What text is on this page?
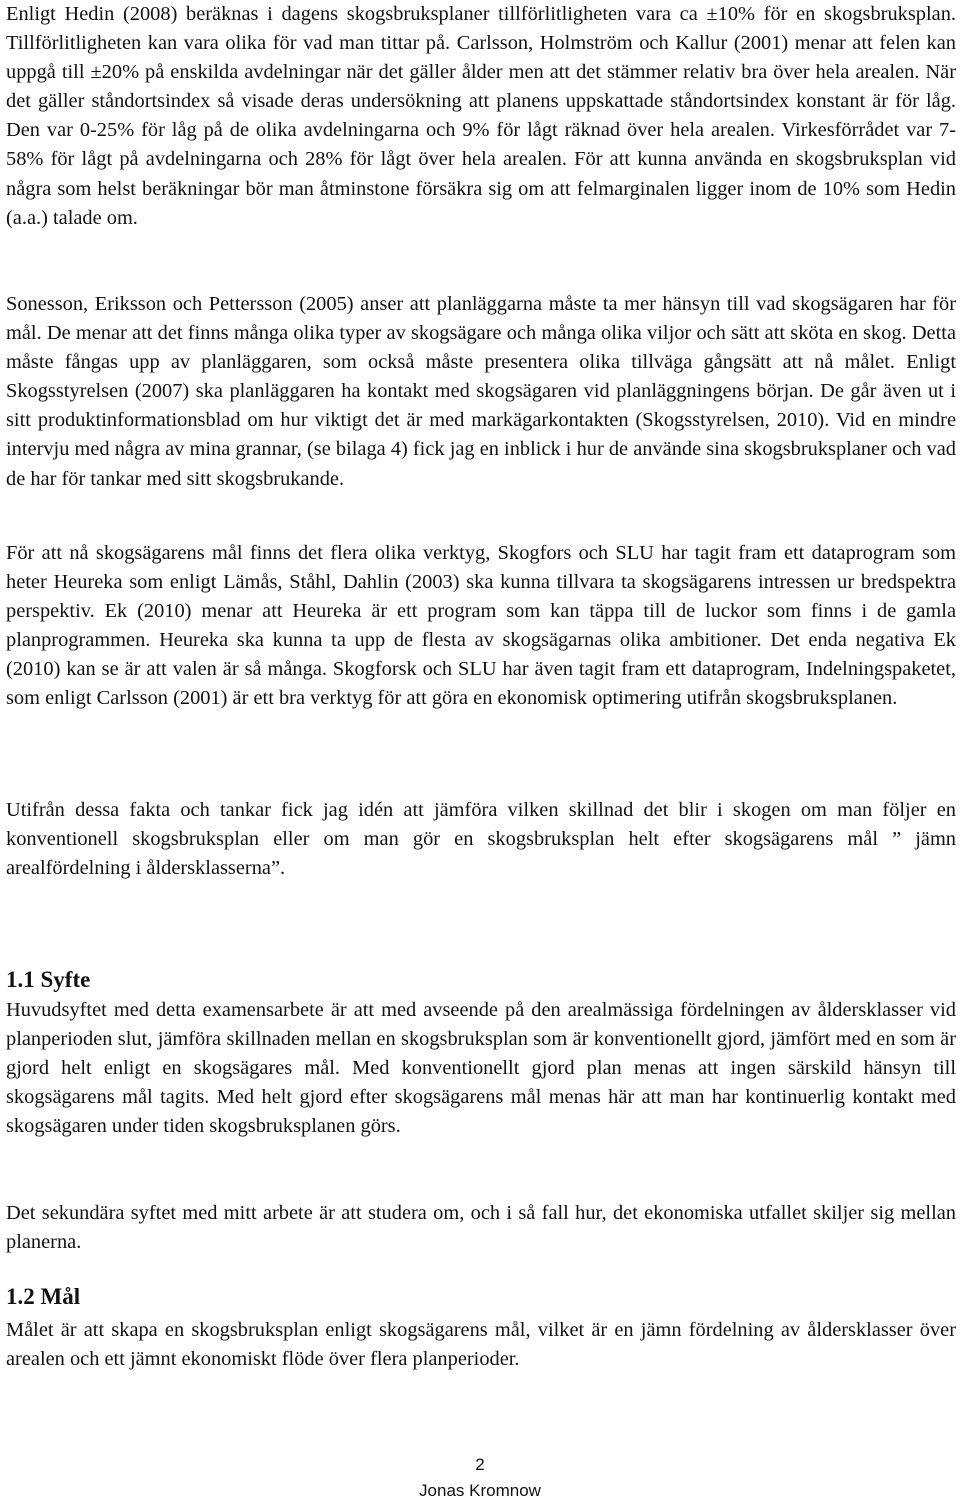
Enligt Hedin (2008) beräknas i dagens skogsbruksplaner tillförlitligheten vara ca ±10% för en skogsbruksplan. Tillförlitligheten kan vara olika för vad man tittar på. Carlsson, Holmström och Kallur (2001) menar att felen kan uppgå till ±20% på enskilda avdelningar när det gäller ålder men att det stämmer relativ bra över hela arealen. När det gäller ståndortsindex så visade deras undersökning att planens uppskattade ståndortsindex konstant är för låg. Den var 0-25% för låg på de olika avdelningarna och 9% för lågt räknad över hela arealen. Virkesförrådet var 7-58% för lågt på avdelningarna och 28% för lågt över hela arealen. För att kunna använda en skogsbruksplan vid några som helst beräkningar bör man åtminstone försäkra sig om att felmarginalen ligger inom de 10% som Hedin (a.a.) talade om.

Sonesson, Eriksson och Pettersson (2005) anser att planläggarna måste ta mer hänsyn till vad skogsägaren har för mål. De menar att det finns många olika typer av skogsägare och många olika viljor och sätt att sköta en skog. Detta måste fångas upp av planläggaren, som också måste presentera olika tillväga gångsätt att nå målet. Enligt Skogsstyrelsen (2007) ska planläggaren ha kontakt med skogsägaren vid planläggningens början. De går även ut i sitt produktinformationsblad om hur viktigt det är med markägarkontakten (Skogsstyrelsen, 2010). Vid en mindre intervju med några av mina grannar, (se bilaga 4) fick jag en inblick i hur de använde sina skogsbruksplaner och vad de har för tankar med sitt skogsbrukande.

För att nå skogsägarens mål finns det flera olika verktyg, Skogfors och SLU har tagit fram ett dataprogram som heter Heureka som enligt Lämås, Ståhl, Dahlin (2003) ska kunna tillvara ta skogsägarens intressen ur bredspektra perspektiv. Ek (2010) menar att Heureka är ett program som kan täppa till de luckor som finns i de gamla planprogrammen. Heureka ska kunna ta upp de flesta av skogsägarnas olika ambitioner. Det enda negativa Ek (2010) kan se är att valen är så många. Skogforsk och SLU har även tagit fram ett dataprogram, Indelningspaketet, som enligt Carlsson (2001) är ett bra verktyg för att göra en ekonomisk optimering utifrån skogsbruksplanen.

Utifrån dessa fakta och tankar fick jag idén att jämföra vilken skillnad det blir i skogen om man följer en konventionell skogsbruksplan eller om man gör en skogsbruksplan helt efter skogsägarens mål ” jämn arealfördelning i åldersklasserna”.

1.1 Syfte

Huvudsyftet med detta examensarbete är att med avseende på den arealmässiga fördelningen av åldersklasser vid planperioden slut, jämföra skillnaden mellan en skogsbruksplan som är konventionellt gjord, jämfört med en som är gjord helt enligt en skogsägares mål. Med konventionellt gjord plan menas att ingen särskild hänsyn till skogsägarens mål tagits. Med helt gjord efter skogsägarens mål menas här att man har kontinuerlig kontakt med skogsägaren under tiden skogsbruksplanen görs.

Det sekundära syftet med mitt arbete är att studera om, och i så fall hur, det ekonomiska utfallet skiljer sig mellan planerna.

1.2 Mål

Målet är att skapa en skogsbruksplan enligt skogsägarens mål, vilket är en jämn fördelning av åldersklasser över arealen och ett jämnt ekonomiskt flöde över flera planperioder.

2
Jonas Kromnow
